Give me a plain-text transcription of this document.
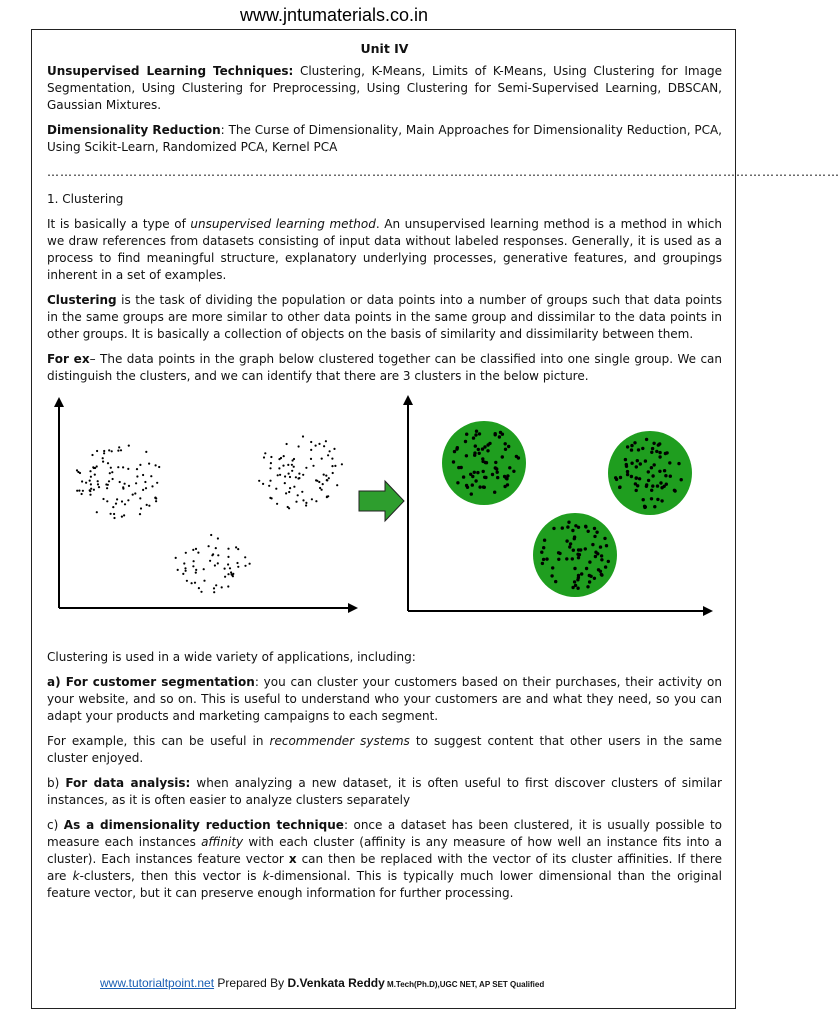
www.jntumaterials.co.in

Unit IV

Unsupervised Learning Techniques: Clustering, K-Means, Limits of K-Means, Using Clustering for Image Segmentation, Using Clustering for Preprocessing, Using Clustering for Semi-Supervised Learning, DBSCAN, Gaussian Mixtures.

Dimensionality Reduction: The Curse of Dimensionality, Main Approaches for Dimensionality Reduction, PCA, Using Scikit-Learn, Randomized PCA, Kernel PCA

…………………………………………………………………………………………………………………………………………………………………

1. Clustering

It is basically a type of unsupervised learning method. An unsupervised learning method is a method in which we draw references from datasets consisting of input data without labeled responses. Generally, it is used as a process to find meaningful structure, explanatory underlying processes, generative features, and groupings inherent in a set of examples.

Clustering is the task of dividing the population or data points into a number of groups such that data points in the same groups are more similar to other data points in the same group and dissimilar to the data points in other groups. It is basically a collection of objects on the basis of similarity and dissimilarity between them.

For ex– The data points in the graph below clustered together can be classified into one single group. We can distinguish the clusters, and we can identify that there are 3 clusters in the below picture.

Clustering is used in a wide variety of applications, including:

a) For customer segmentation: you can cluster your customers based on their purchases, their activity on your website, and so on. This is useful to understand who your customers are and what they need, so you can adapt your products and marketing campaigns to each segment.

For example, this can be useful in recommender systems to suggest content that other users in the same cluster enjoyed.

b) For data analysis: when analyzing a new dataset, it is often useful to first discover clusters of similar instances, as it is often easier to analyze clusters separately

c) As a dimensionality reduction technique: once a dataset has been clustered, it is usually possible to measure each instances affinity with each cluster (affinity is any measure of how well an instance fits into a cluster). Each instances feature vector x can then be replaced with the vector of its cluster affinities. If there are k-clusters, then this vector is k-dimensional. This is typically much lower dimensional than the original feature vector, but it can preserve enough information for further processing.

www.tutorialtpoint.net Prepared By D.Venkata Reddy M.Tech(Ph.D),UGC NET, AP SET Qualified
